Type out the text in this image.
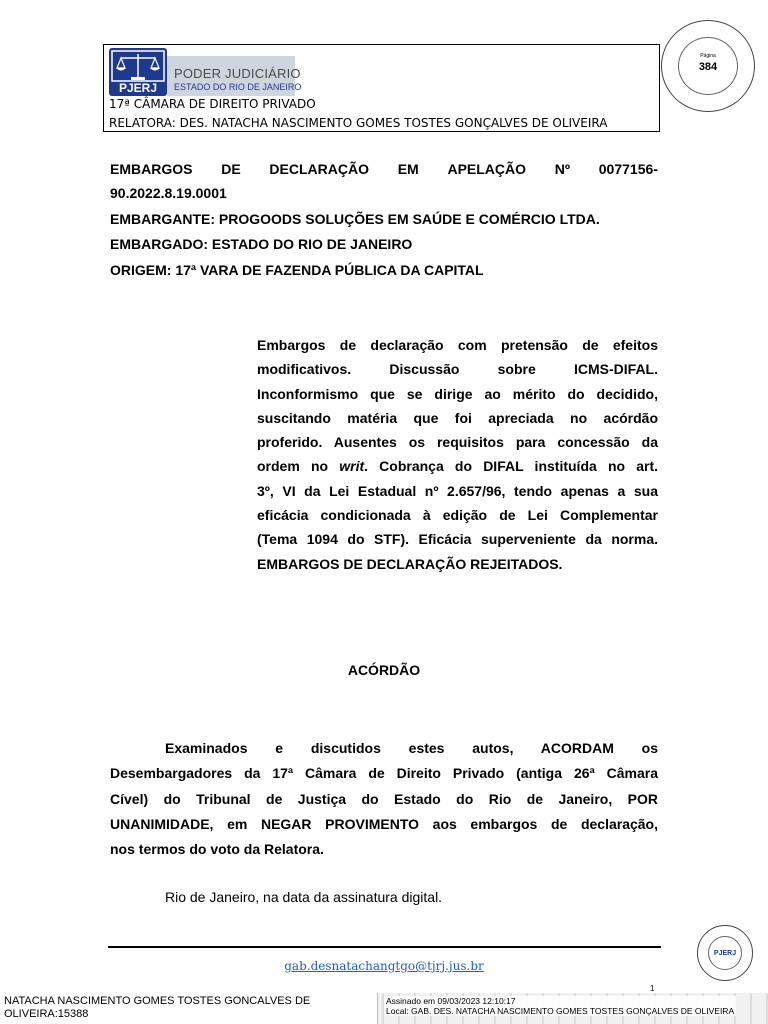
PJERJ
PODER JUDICIÁRIO
ESTADO DO RIO DE JANEIRO
17ª CÂMARA DE DIREITO PRIVADO
RELATORA: DES. NATACHA NASCIMENTO GOMES TOSTES GONÇALVES DE OLIVEIRA
Página
384
EMBARGOS DE DECLARAÇÃO EM APELAÇÃO Nº 0077156-
90.2022.8.19.0001
EMBARGANTE: PROGOODS SOLUÇÕES EM SAÚDE E COMÉRCIO LTDA.
EMBARGADO: ESTADO DO RIO DE JANEIRO
ORIGEM: 17ª VARA DE FAZENDA PÚBLICA DA CAPITAL
Embargos de declaração com pretensão de efeitos
modificativos. Discussão sobre ICMS-DIFAL.
Inconformismo que se dirige ao mérito do decidido,
suscitando matéria que foi apreciada no acórdão
proferido. Ausentes os requisitos para concessão da
ordem no writ. Cobrança do DIFAL instituída no art.
3º, VI da Lei Estadual nº 2.657/96, tendo apenas a sua
eficácia condicionada à edição de Lei Complementar
(Tema 1094 do STF). Eficácia superveniente da norma.
EMBARGOS DE DECLARAÇÃO REJEITADOS.
ACÓRDÃO
Examinados e discutidos estes autos, ACORDAM os
Desembargadores da 17ª Câmara de Direito Privado (antiga 26ª Câmara
Cível) do Tribunal de Justiça do Estado do Rio de Janeiro, POR
UNANIMIDADE, em NEGAR PROVIMENTO aos embargos de declaração,
nos termos do voto da Relatora.
Rio de Janeiro, na data da assinatura digital.
gab.desnatachangtgo@tjrj.jus.br
1
PJERJ
NATACHA NASCIMENTO GOMES TOSTES GONCALVES DE
OLIVEIRA:15388
Assinado em 09/03/2023 12:10:17
Local: GAB. DES. NATACHA NASCIMENTO GOMES TOSTES GONÇALVES DE OLIVEIRA
